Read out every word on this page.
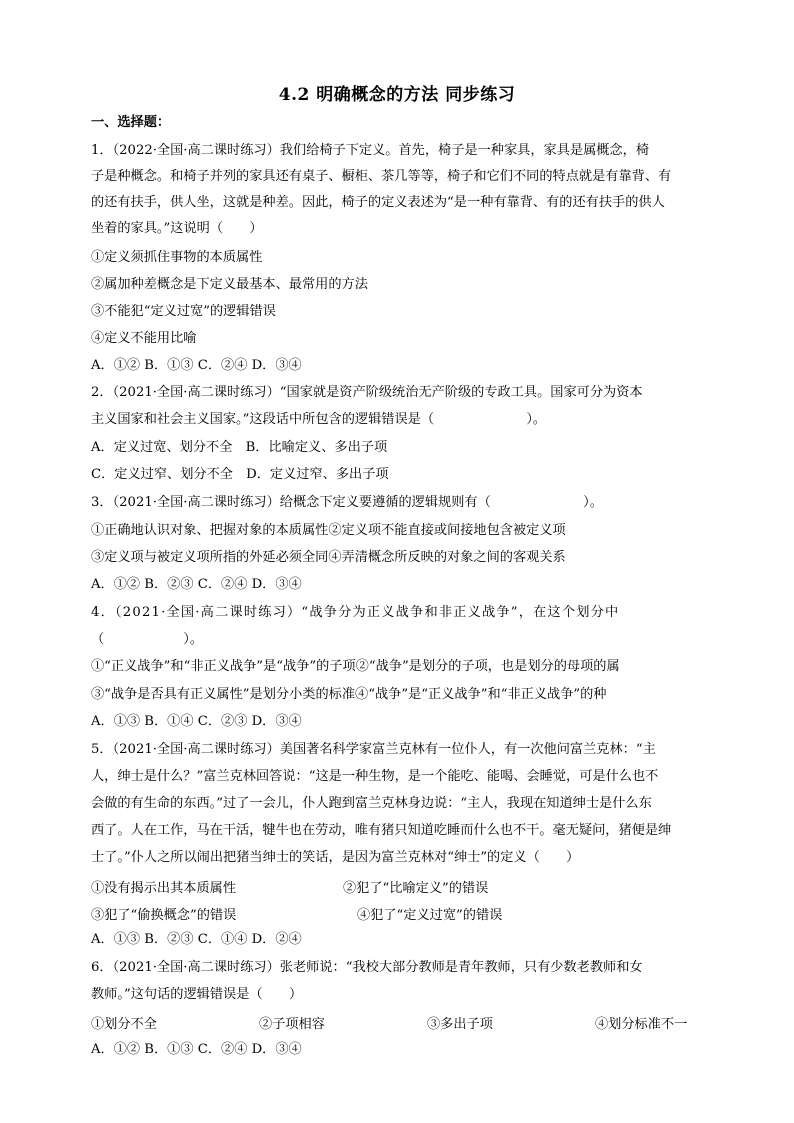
4.2 明确概念的方法 同步练习
一、选择题：
1．（2022·全国·高二课时练习）我们给椅子下定义。首先，椅子是一种家具，家具是属概念，椅
子是种概念。和椅子并列的家具还有桌子、橱柜、茶几等等，椅子和它们不同的特点就是有靠背、有
的还有扶手，供人坐，这就是种差。因此，椅子的定义表述为“是一种有靠背、有的还有扶手的供人
坐着的家具。”这说明（　　）
①定义须抓住事物的本质属性
②属加种差概念是下定义最基本、最常用的方法
③不能犯“定义过宽”的逻辑错误
④定义不能用比喻
A．①② B．①③ C．②④ D．③④
2．（2021·全国·高二课时练习）“国家就是资产阶级统治无产阶级的专政工具。国家可分为资本
主义国家和社会主义国家。”这段话中所包含的逻辑错误是（　　　　　　　）。
A．定义过宽、划分不全　B．比喻定义、多出子项
C．定义过窄、划分不全　D．定义过窄、多出子项
3．（2021·全国·高二课时练习）给概念下定义要遵循的逻辑规则有（　　　　　　　）。
①正确地认识对象、把握对象的本质属性②定义项不能直接或间接地包含被定义项
③定义项与被定义项所指的外延必须全同④弄清概念所反映的对象之间的客观关系
A．①② B．②③ C．②④ D．③④
4．（2021·全国·高二课时练习）“战争分为正义战争和非正义战争”，在这个划分中
（　　　　　　）。
①“正义战争”和“非正义战争”是“战争”的子项②“战争”是划分的子项，也是划分的母项的属
③“战争是否具有正义属性”是划分小类的标准④“战争”是“正义战争”和“非正义战争”的种
A．①③ B．①④ C．②③ D．③④
5．（2021·全国·高二课时练习）美国著名科学家富兰克林有一位仆人，有一次他问富兰克林：“主
人，绅士是什么？”富兰克林回答说：“这是一种生物，是一个能吃、能喝、会睡觉，可是什么也不
会做的有生命的东西。”过了一会儿，仆人跑到富兰克林身边说：“主人，我现在知道绅士是什么东
西了。人在工作，马在干活，犍牛也在劳动，唯有猪只知道吃睡而什么也不干。毫无疑问，猪便是绅
士了。”仆人之所以闹出把猪当绅士的笑话，是因为富兰克林对“绅士”的定义（　　）
①没有揭示出其本质属性	②犯了“比喻定义”的错误
③犯了“偷换概念”的错误	④犯了“定义过宽”的错误
A．①③ B．②③ C．①④ D．②④
6．（2021·全国·高二课时练习）张老师说：“我校大部分教师是青年教师，只有少数老教师和女
教师。”这句话的逻辑错误是（　　）
①划分不全	②子项相容	③多出子项	④划分标准不一
A．①② B．①③ C．②④ D．③④
